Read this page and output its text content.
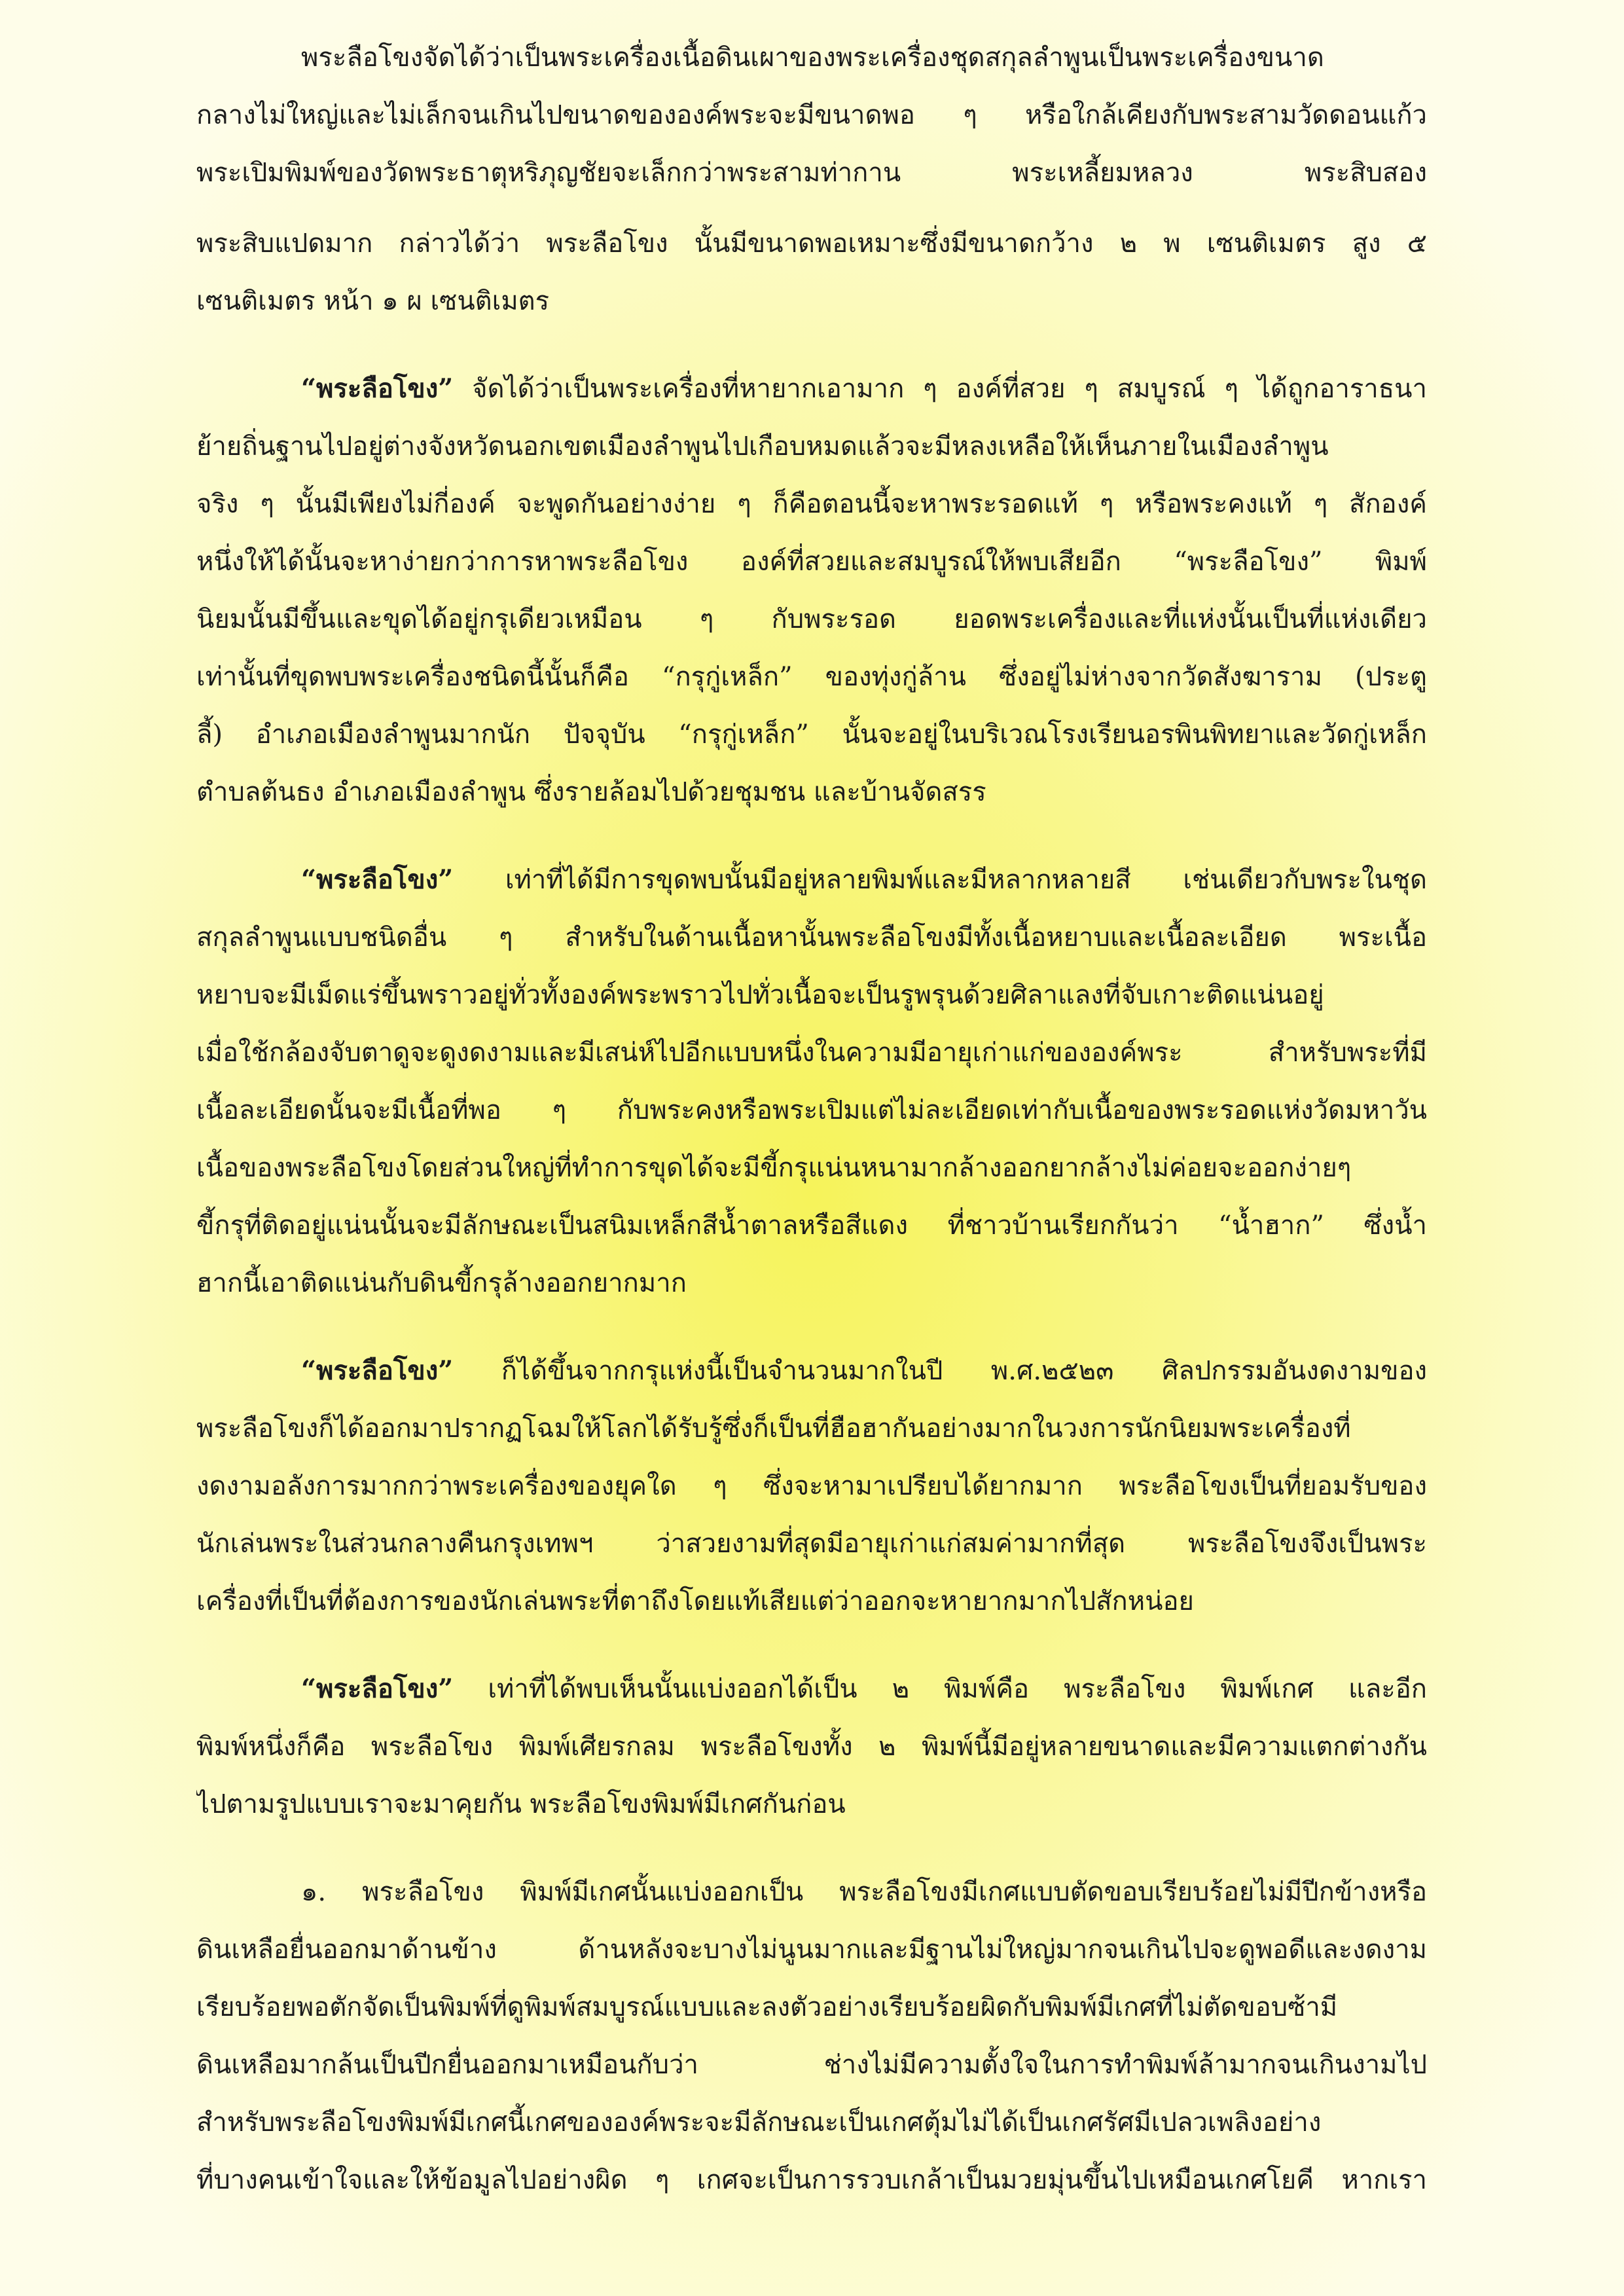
พระลือโขงจัดได้ว่าเป็นพระเครื่องเนื้อดินเผาของพระเครื่องชุดสกุลลำพูนเป็นพระเครื่องขนาด
กลางไม่ใหญ่และไม่เล็กจนเกินไปขนาดขององค์พระจะมีขนาดพอ ๆ หรือใกล้เคียงกับพระสามวัดดอนแก้ว
พระเปิมพิมพ์ของวัดพระธาตุหริภุญชัยจะเล็กกว่าพระสามท่ากาน พระเหลี้ยมหลวง พระสิบสอง
พระสิบแปดมาก กล่าวได้ว่า พระลือโขง นั้นมีขนาดพอเหมาะซึ่งมีขนาดกว้าง ๒ พ เซนติเมตร สูง ๕
เซนติเมตร หน้า ๑ ผ เซนติเมตร
“พระลือโขง” จัดได้ว่าเป็นพระเครื่องที่หายากเอามาก ๆ องค์ที่สวย ๆ สมบูรณ์ ๆ ได้ถูกอาราธนา
ย้ายถิ่นฐานไปอยู่ต่างจังหวัดนอกเขตเมืองลำพูนไปเกือบหมดแล้วจะมีหลงเหลือให้เห็นภายในเมืองลำพูน
จริง ๆ นั้นมีเพียงไม่กี่องค์ จะพูดกันอย่างง่าย ๆ ก็คือตอนนี้จะหาพระรอดแท้ ๆ หรือพระคงแท้ ๆ สักองค์
หนึ่งให้ได้นั้นจะหาง่ายกว่าการหาพระลือโขง องค์ที่สวยและสมบูรณ์ให้พบเสียอีก “พระลือโขง” พิมพ์
นิยมนั้นมีขึ้นและขุดได้อยู่กรุเดียวเหมือน ๆ กับพระรอด ยอดพระเครื่องและที่แห่งนั้นเป็นที่แห่งเดียว
เท่านั้นที่ขุดพบพระเครื่องชนิดนี้นั้นก็คือ “กรุกู่เหล็ก” ของทุ่งกู่ล้าน ซึ่งอยู่ไม่ห่างจากวัดสังฆาราม (ประตู
ลี้) อำเภอเมืองลำพูนมากนัก ปัจจุบัน “กรุกู่เหล็ก” นั้นจะอยู่ในบริเวณโรงเรียนอรพินพิทยาและวัดกู่เหล็ก
ตำบลต้นธง อำเภอเมืองลำพูน ซึ่งรายล้อมไปด้วยชุมชน และบ้านจัดสรร
“พระลือโขง” เท่าที่ได้มีการขุดพบนั้นมีอยู่หลายพิมพ์และมีหลากหลายสี เช่นเดียวกับพระในชุด
สกุลลำพูนแบบชนิดอื่น ๆ สำหรับในด้านเนื้อหานั้นพระลือโขงมีทั้งเนื้อหยาบและเนื้อละเอียด พระเนื้อ
หยาบจะมีเม็ดแร่ขึ้นพราวอยู่ทั่วทั้งองค์พระพราวไปทั่วเนื้อจะเป็นรูพรุนด้วยศิลาแลงที่จับเกาะติดแน่นอยู่
เมื่อใช้กล้องจับตาดูจะดูงดงามและมีเสน่ห์ไปอีกแบบหนึ่งในความมีอายุเก่าแก่ขององค์พระ สำหรับพระที่มี
เนื้อละเอียดนั้นจะมีเนื้อที่พอ ๆ กับพระคงหรือพระเปิมแต่ไม่ละเอียดเท่ากับเนื้อของพระรอดแห่งวัดมหาวัน
เนื้อของพระลือโขงโดยส่วนใหญ่ที่ทำการขุดได้จะมีขี้กรุแน่นหนามากล้างออกยากล้างไม่ค่อยจะออกง่ายๆ
ขี้กรุที่ติดอยู่แน่นนั้นจะมีลักษณะเป็นสนิมเหล็กสีน้ำตาลหรือสีแดง ที่ชาวบ้านเรียกกันว่า “น้ำฮาก” ซึ่งน้ำ
ฮากนี้เอาติดแน่นกับดินขี้กรุล้างออกยากมาก
“พระลือโขง” ก็ได้ขึ้นจากกรุแห่งนี้เป็นจำนวนมากในปี พ.ศ.๒๕๒๓ ศิลปกรรมอันงดงามของ
พระลือโขงก็ได้ออกมาปรากฏโฉมให้โลกได้รับรู้ซึ่งก็เป็นที่ฮือฮากันอย่างมากในวงการนักนิยมพระเครื่องที่
งดงามอลังการมากกว่าพระเครื่องของยุคใด ๆ ซึ่งจะหามาเปรียบได้ยากมาก พระลือโขงเป็นที่ยอมรับของ
นักเล่นพระในส่วนกลางคืนกรุงเทพฯ ว่าสวยงามที่สุดมีอายุเก่าแก่สมค่ามากที่สุด พระลือโขงจึงเป็นพระ
เครื่องที่เป็นที่ต้องการของนักเล่นพระที่ตาถึงโดยแท้เสียแต่ว่าออกจะหายากมากไปสักหน่อย
“พระลือโขง” เท่าที่ได้พบเห็นนั้นแบ่งออกได้เป็น ๒ พิมพ์คือ พระลือโขง พิมพ์เกศ และอีก
พิมพ์หนึ่งก็คือ พระลือโขง พิมพ์เศียรกลม พระลือโขงทั้ง ๒ พิมพ์นี้มีอยู่หลายขนาดและมีความแตกต่างกัน
ไปตามรูปแบบเราจะมาคุยกัน พระลือโขงพิมพ์มีเกศกันก่อน
๑. พระลือโขง พิมพ์มีเกศนั้นแบ่งออกเป็น พระลือโขงมีเกศแบบตัดขอบเรียบร้อยไม่มีปีกข้างหรือ
ดินเหลือยื่นออกมาด้านข้าง ด้านหลังจะบางไม่นูนมากและมีฐานไม่ใหญ่มากจนเกินไปจะดูพอดีและงดงาม
เรียบร้อยพอตักจัดเป็นพิมพ์ที่ดูพิมพ์สมบูรณ์แบบและลงตัวอย่างเรียบร้อยผิดกับพิมพ์มีเกศที่ไม่ตัดขอบซ้ามี
ดินเหลือมากล้นเป็นปีกยื่นออกมาเหมือนกับว่า ช่างไม่มีความตั้งใจในการทำพิมพ์ล้ามากจนเกินงามไป
สำหรับพระลือโขงพิมพ์มีเกศนี้เกศขององค์พระจะมีลักษณะเป็นเกศตุ้มไม่ได้เป็นเกศรัศมีเปลวเพลิงอย่าง
ที่บางคนเข้าใจและให้ข้อมูลไปอย่างผิด ๆ เกศจะเป็นการรวบเกล้าเป็นมวยมุ่นขึ้นไปเหมือนเกศโยคี หากเรา
